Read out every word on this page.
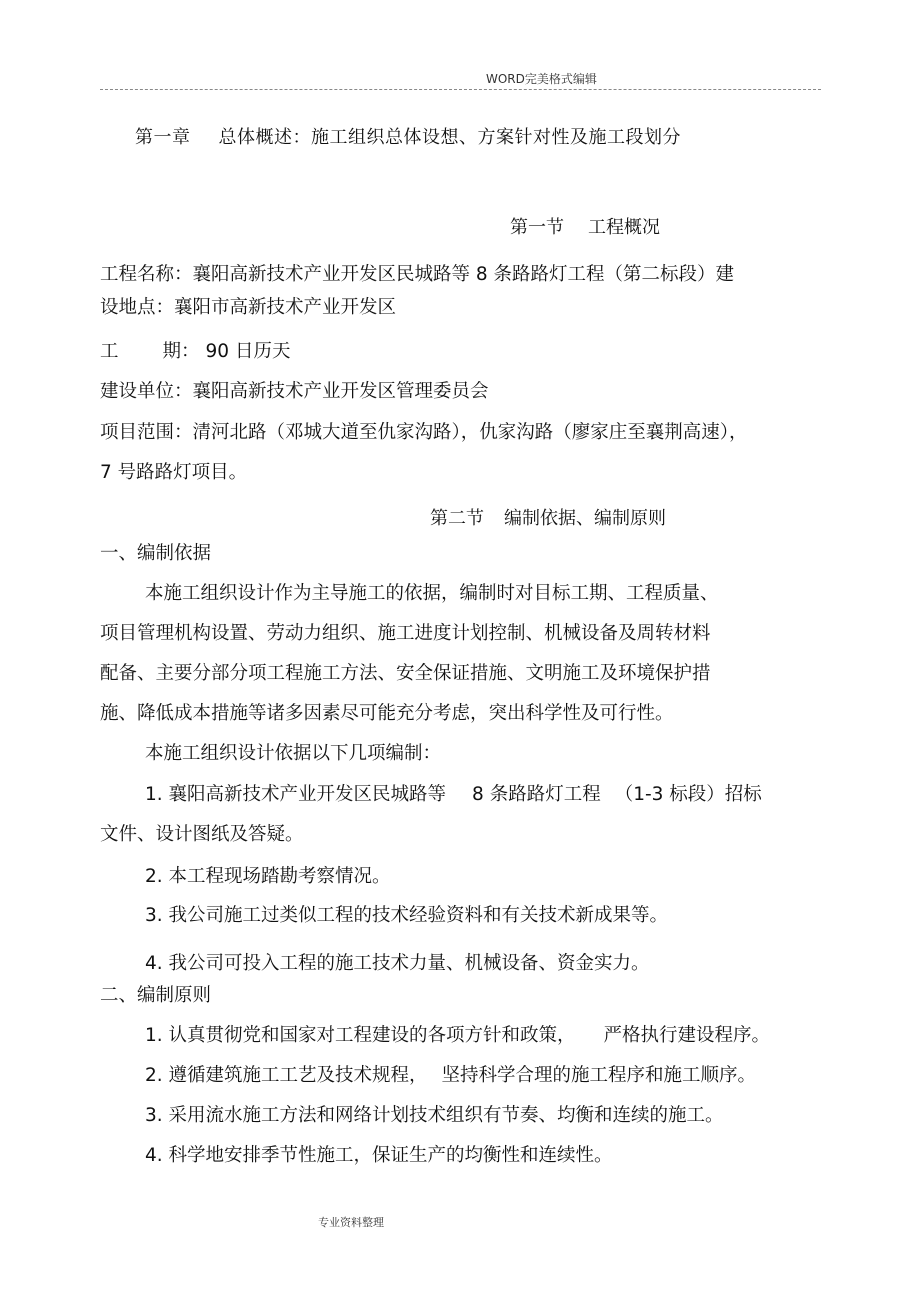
WORD完美格式编辑
第一章 总体概述：施工组织总体设想、方案针对性及施工段划分
第一节 工程概况
工程名称：襄阳高新技术产业开发区民城路等 8 条路路灯工程（第二标段）建
设地点：襄阳市高新技术产业开发区
工 期： 90 日历天
建设单位：襄阳高新技术产业开发区管理委员会
项目范围：清河北路（邓城大道至仇家沟路），仇家沟路（廖家庄至襄荆高速），
7 号路路灯项目。
第二节 编制依据、编制原则
一、编制依据
本施工组织设计作为主导施工的依据，编制时对目标工期、工程质量、
项目管理机构设置、劳动力组织、施工进度计划控制、机械设备及周转材料
配备、主要分部分项工程施工方法、安全保证措施、文明施工及环境保护措
施、降低成本措施等诸多因素尽可能充分考虑，突出科学性及可行性。
本施工组织设计依据以下几项编制：
1. 襄阳高新技术产业开发区民城路等 8 条路路灯工程 （1-3 标段）招标
文件、设计图纸及答疑。
2. 本工程现场踏勘考察情况。
3. 我公司施工过类似工程的技术经验资料和有关技术新成果等。
4. 我公司可投入工程的施工技术力量、机械设备、资金实力。
二、编制原则
1. 认真贯彻党和国家对工程建设的各项方针和政策， 严格执行建设程序。
2. 遵循建筑施工工艺及技术规程， 坚持科学合理的施工程序和施工顺序。
3. 采用流水施工方法和网络计划技术组织有节奏、均衡和连续的施工。
4. 科学地安排季节性施工，保证生产的均衡性和连续性。
专业资料整理
